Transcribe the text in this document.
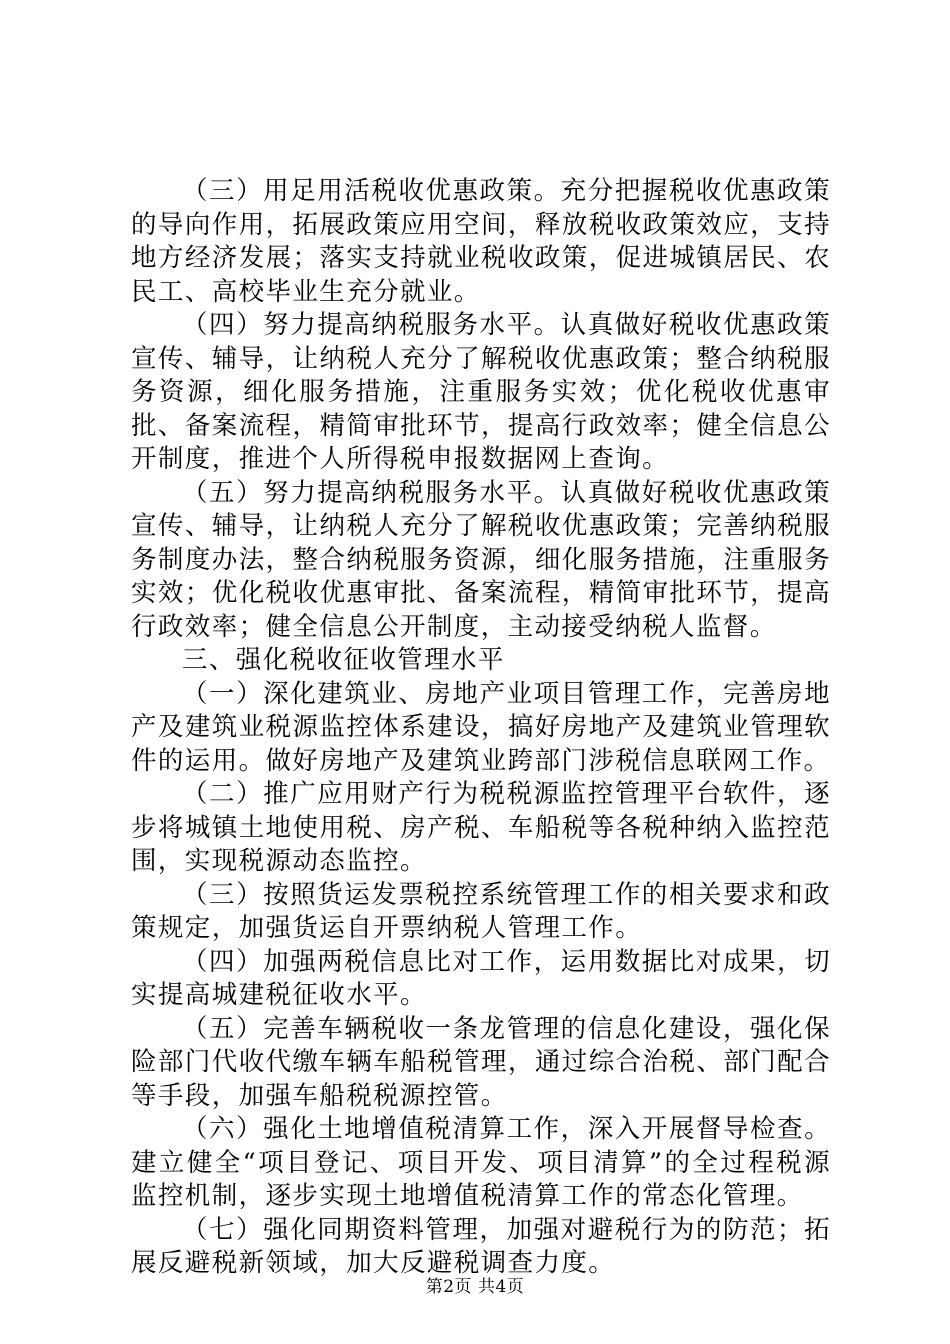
（三）用足用活税收优惠政策。充分把握税收优惠政策的导向作用，拓展政策应用空间，释放税收政策效应，支持地方经济发展；落实支持就业税收政策，促进城镇居民、农民工、高校毕业生充分就业。

（四）努力提高纳税服务水平。认真做好税收优惠政策宣传、辅导，让纳税人充分了解税收优惠政策；整合纳税服务资源，细化服务措施，注重服务实效；优化税收优惠审批、备案流程，精简审批环节，提高行政效率；健全信息公开制度，推进个人所得税申报数据网上查询。

（五）努力提高纳税服务水平。认真做好税收优惠政策宣传、辅导，让纳税人充分了解税收优惠政策；完善纳税服务制度办法，整合纳税服务资源，细化服务措施，注重服务实效；优化税收优惠审批、备案流程，精简审批环节，提高行政效率；健全信息公开制度，主动接受纳税人监督。

三、强化税收征收管理水平

（一）深化建筑业、房地产业项目管理工作，完善房地产及建筑业税源监控体系建设，搞好房地产及建筑业管理软件的运用。做好房地产及建筑业跨部门涉税信息联网工作。

（二）推广应用财产行为税税源监控管理平台软件，逐步将城镇土地使用税、房产税、车船税等各税种纳入监控范围，实现税源动态监控。

（三）按照货运发票税控系统管理工作的相关要求和政策规定，加强货运自开票纳税人管理工作。

（四）加强两税信息比对工作，运用数据比对成果，切实提高城建税征收水平。

（五）完善车辆税收一条龙管理的信息化建设，强化保险部门代收代缴车辆车船税管理，通过综合治税、部门配合等手段，加强车船税税源控管。

（六）强化土地增值税清算工作，深入开展督导检查。建立健全“项目登记、项目开发、项目清算”的全过程税源监控机制，逐步实现土地增值税清算工作的常态化管理。

（七）强化同期资料管理，加强对避税行为的防范；拓展反避税新领域，加大反避税调查力度。

第2页 共4页
